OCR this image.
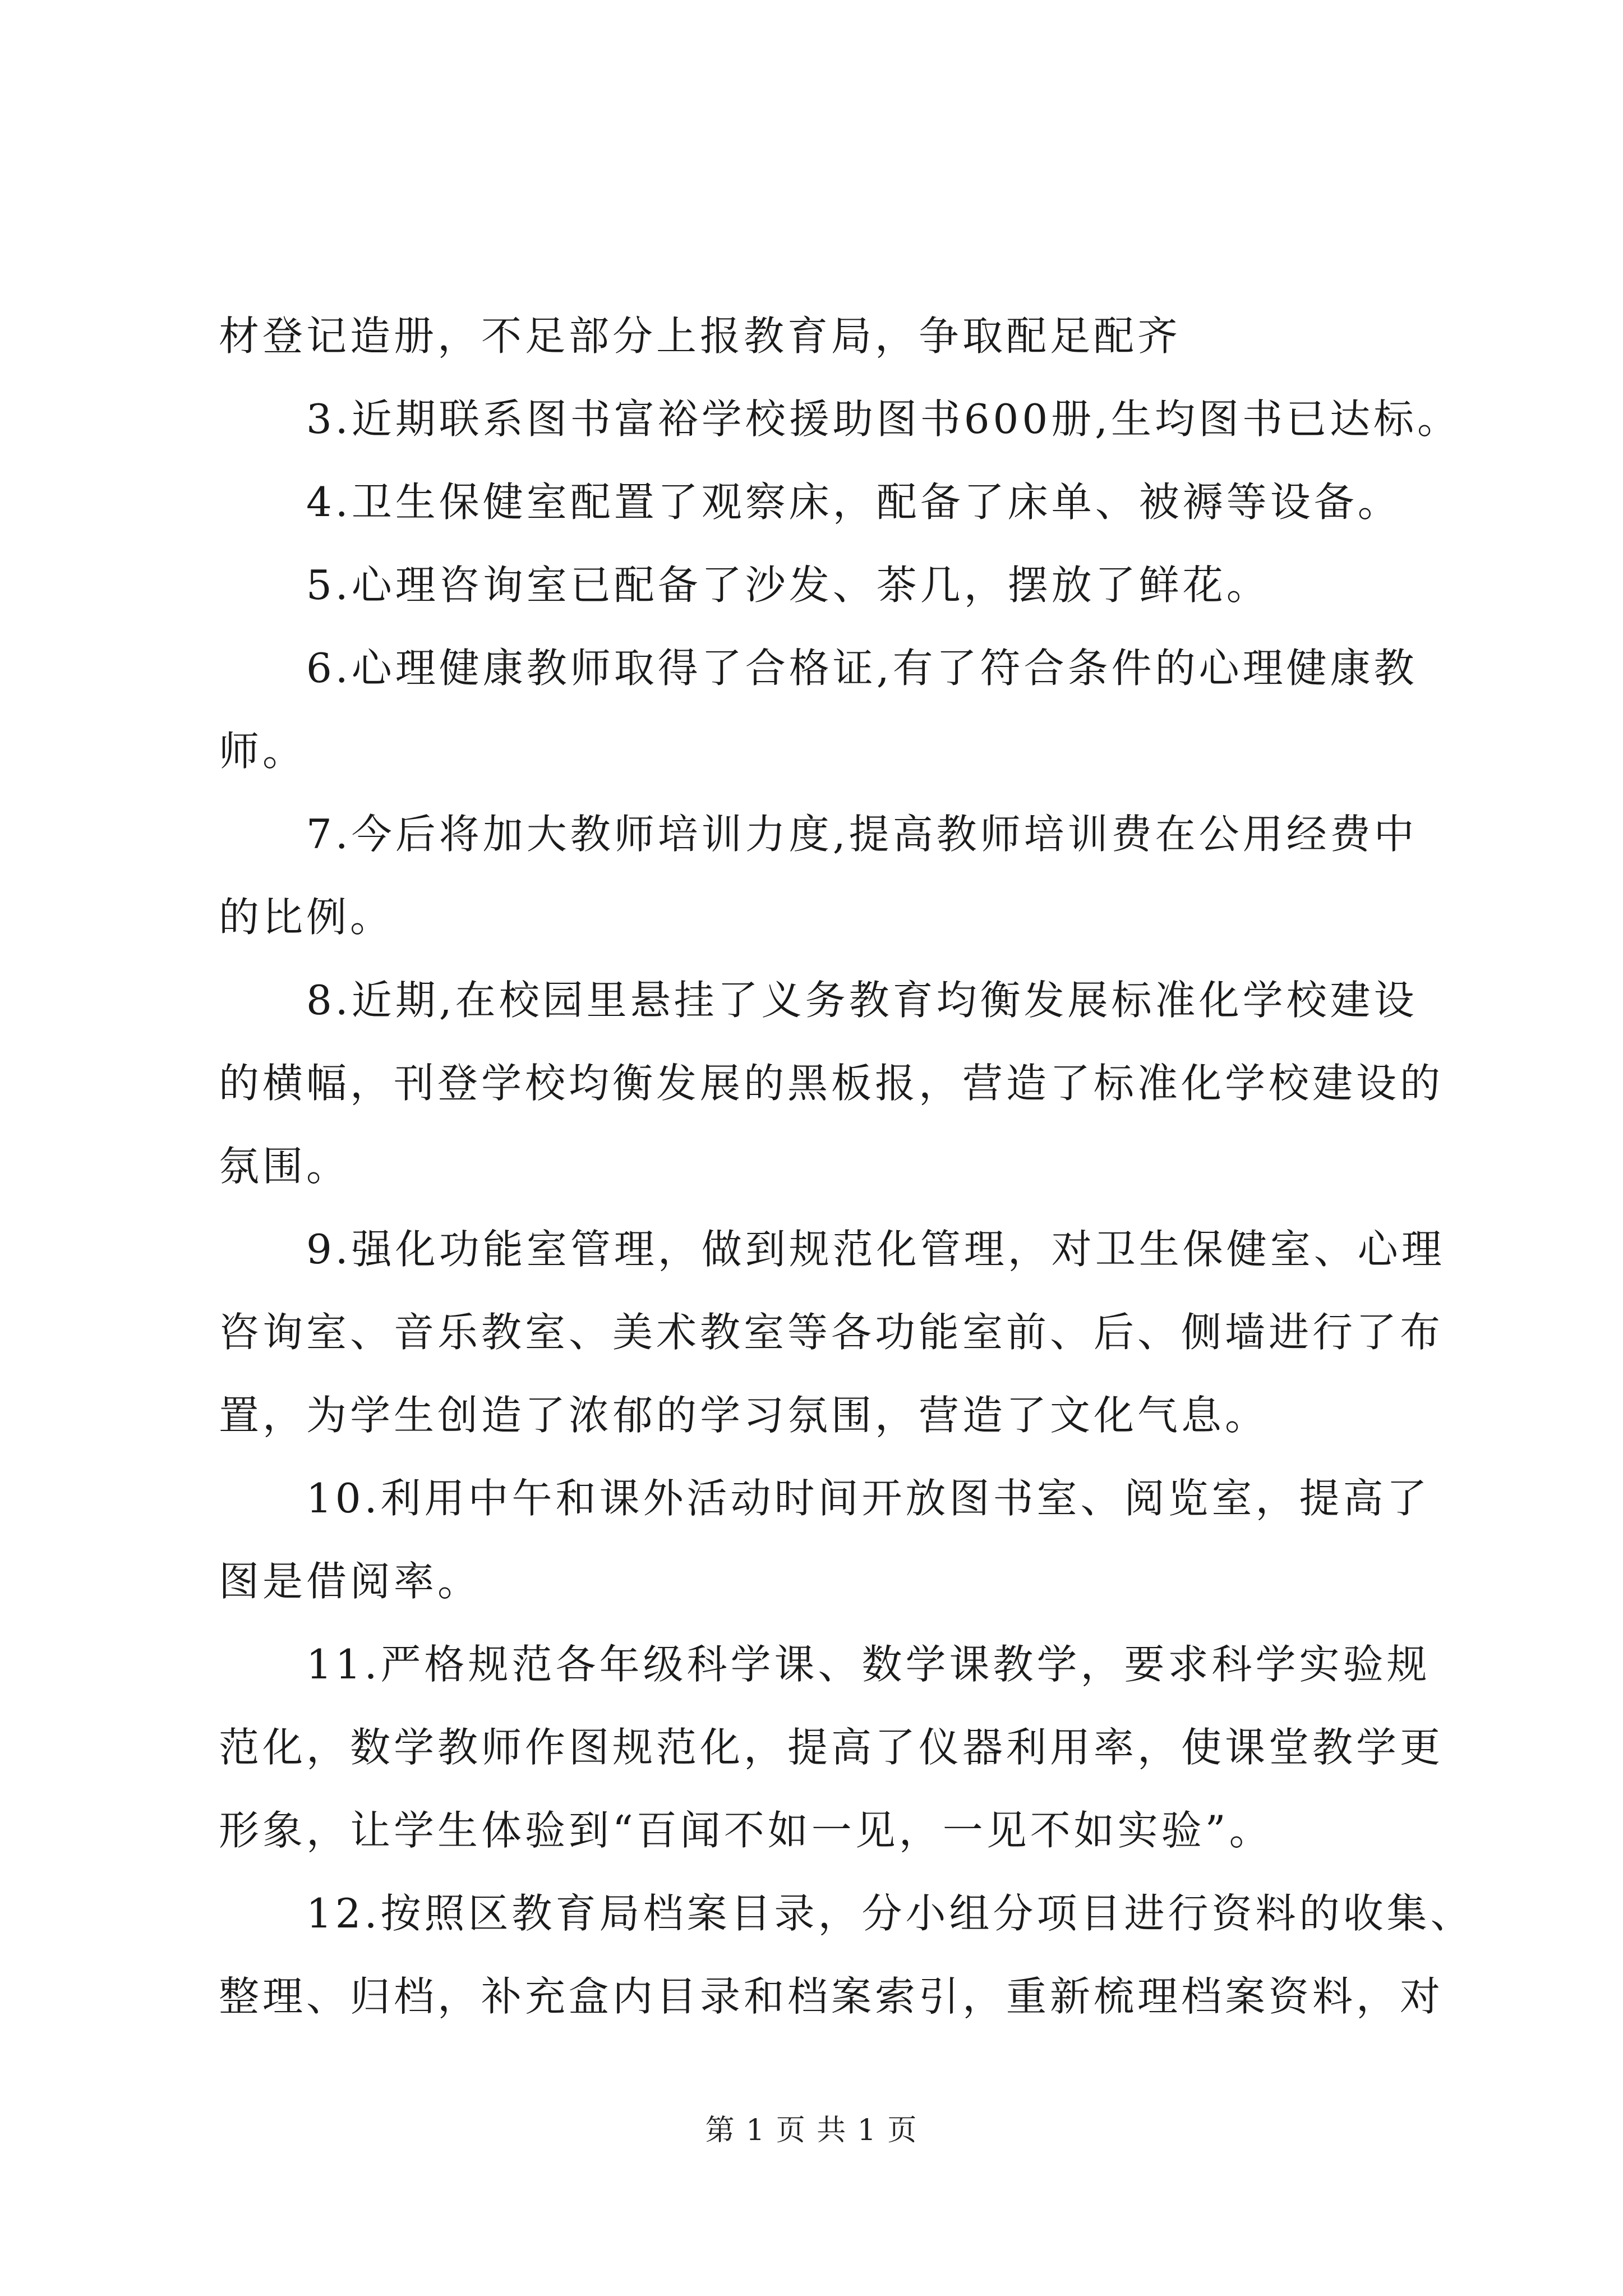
材登记造册，不足部分上报教育局，争取配足配齐
3.近期联系图书富裕学校援助图书600册,生均图书已达标。
4.卫生保健室配置了观察床，配备了床单、被褥等设备。
5.心理咨询室已配备了沙发、茶几，摆放了鲜花。
6.心理健康教师取得了合格证,有了符合条件的心理健康教
师。
7.今后将加大教师培训力度,提高教师培训费在公用经费中
的比例。
8.近期,在校园里悬挂了义务教育均衡发展标准化学校建设
的横幅，刊登学校均衡发展的黑板报，营造了标准化学校建设的
氛围。
9.强化功能室管理，做到规范化管理，对卫生保健室、心理
咨询室、音乐教室、美术教室等各功能室前、后、侧墙进行了布
置，为学生创造了浓郁的学习氛围，营造了文化气息。
10.利用中午和课外活动时间开放图书室、阅览室，提高了
图是借阅率。
11.严格规范各年级科学课、数学课教学，要求科学实验规
范化，数学教师作图规范化，提高了仪器利用率，使课堂教学更
形象，让学生体验到“百闻不如一见，一见不如实验”。
12.按照区教育局档案目录，分小组分项目进行资料的收集、
整理、归档，补充盒内目录和档案索引，重新梳理档案资料，对
第 1 页 共 1 页
